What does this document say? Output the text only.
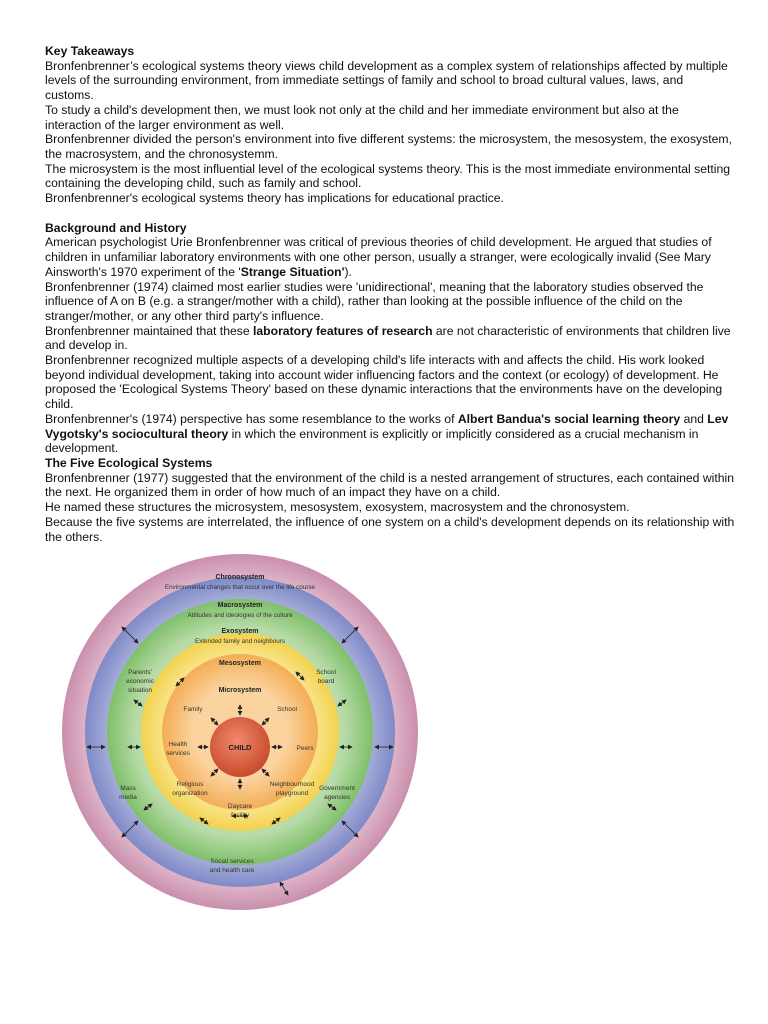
Key Takeaways

Bronfenbrenner’s ecological systems theory views child development as a complex system of relationships affected by multiple levels of the surrounding environment, from immediate settings of family and school to broad cultural values, laws, and customs.

To study a child's development then, we must look not only at the child and her immediate environment but also at the interaction of the larger environment as well.

Bronfenbrenner divided the person's environment into five different systems: the microsystem, the mesosystem, the exosystem, the macrosystem, and the chronosystemm.

The microsystem is the most influential level of the ecological systems theory. This is the most immediate environmental setting containing the developing child, such as family and school.

Bronfenbrenner's ecological systems theory has implications for educational practice.

Background and History

American psychologist Urie Bronfenbrenner was critical of previous theories of child development. He argued that studies of children in unfamiliar laboratory environments with one other person, usually a stranger, were ecologically invalid (See Mary Ainsworth's 1970 experiment of the 'Strange Situation').

Bronfenbrenner (1974) claimed most earlier studies were 'unidirectional', meaning that the laboratory studies observed the influence of A on B (e.g. a stranger/mother with a child), rather than looking at the possible influence of the child on the stranger/mother, or any other third party's influence.

Bronfenbrenner maintained that these laboratory features of research are not characteristic of environments that children live and develop in.

Bronfenbrenner recognized multiple aspects of a developing child's life interacts with and affects the child. His work looked beyond individual development, taking into account wider influencing factors and the context (or ecology) of development. He proposed the 'Ecological Systems Theory' based on these dynamic interactions that the environments have on the developing child.

Bronfenbrenner's (1974) perspective has some resemblance to the works of Albert Bandua's social learning theory and Lev Vygotsky's sociocultural theory in which the environment is explicitly or implicitly considered as a crucial mechanism in development.

The Five Ecological Systems

Bronfenbrenner (1977) suggested that the environment of the child is a nested arrangement of structures, each contained within the next. He organized them in order of how much of an impact they have on a child.

He named these structures the microsystem, mesosystem, exosystem, macrosystem and the chronosystem.

Because the five systems are interrelated, the influence of one system on a child's development depends on its relationship with the others.

Chronosystem
Environmental changes that occur over the life course
Macrosystem
Attitudes and ideologies of the culture
Exosystem
Extended family and neighbours
Mesosystem
Microsystem
CHILD
Family	School
Health
services
Peers
Religious
organization
Neighbourhood
playground
Daycare
facility
Parents'
economic
situation
School
board
Mass
media
Government
agencies
Social services
and health care
